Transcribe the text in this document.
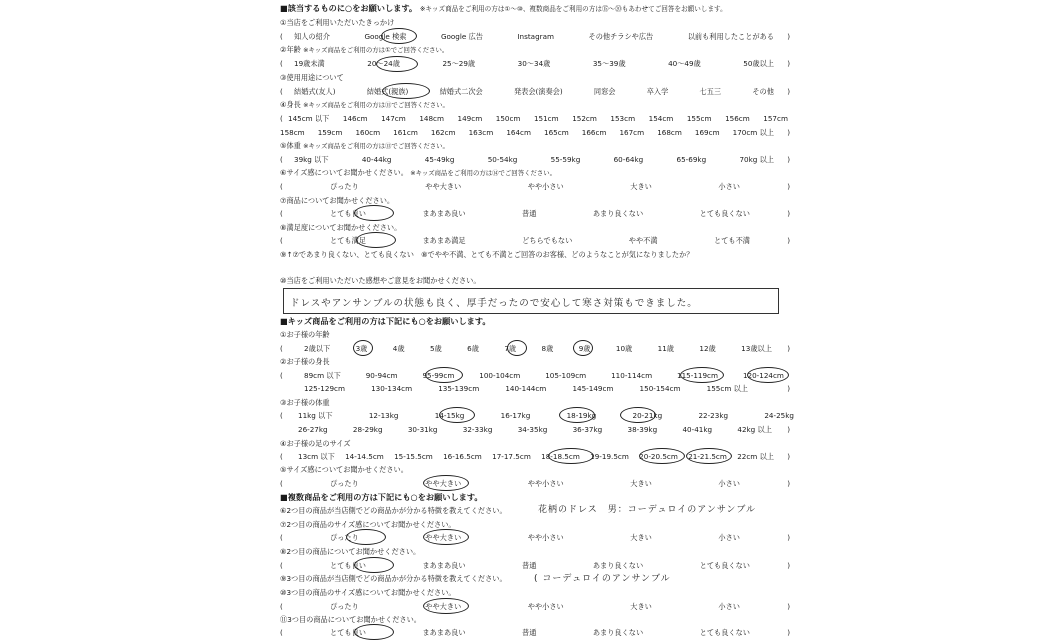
■該当するものに○をお願いします。 ※キッズ商品をご利用の方は①～⑩、複数商品をご利用の方は⑮～⑳もあわせてご回答をお願いします。
①当店をご利用いただいたきっかけ
( 知人の紹介	Google 検索	Google 広告	Instagram	その他チラシや広告	以前も利用したことがある )
②年齢 ※キッズ商品をご利用の方は①でご回答ください。
( 19歳未満	20～24歳	25～29歳	30～34歳	35～39歳	40～49歳	50歳以上 )
③使用用途について
( 結婚式(友人)	結婚式(親族)	結婚式二次会	発表会(演奏会)	同窓会	卒入学	七五三	その他 )
④身長 ※キッズ商品をご利用の方は⑪でご回答ください。
( 145cm 以下 146cm 147cm 148cm 149cm 150cm 151cm 152cm 153cm 154cm 155cm 156cm 157cm
158cm 159cm 160cm 161cm 162cm 163cm 164cm 165cm 166cm 167cm 168cm 169cm 170cm 以上 )
⑤体重 ※キッズ商品をご利用の方は⑬でご回答ください。
( 39kg 以下	40-44kg	45-49kg	50-54kg	55-59kg	60-64kg	65-69kg	70kg 以上 )
⑥サイズ感についてお聞かせください。 ※キッズ商品をご利用の方は⑭でご回答ください。
(	ぴったり	やや大きい	やや小さい	大きい	小さい	)
⑦商品についてお聞かせください。
(	とても良い	まあまあ良い	普通	あまり良くない	とても良くない	)
⑧満足度についてお聞かせください。
(	とても満足	まあまあ満足	どちらでもない	やや不満	とても不満	)
⑨↑⑦であまり良くない、とても良くない　⑧でやや不満、とても不満とご回答のお客様、どのようなことが気になりましたか？
⑩当店をご利用いただいた感想やご意見をお聞かせください。
ドレスやアンサンブルの状態も良く、厚手だったので安心して寒さ対策もできました。
■キッズ商品をご利用の方は下記にも○をお願いします。
①お子様の年齢
(	2歳以下	3歳	4歳	5歳	6歳	7歳	8歳	9歳	10歳	11歳	12歳	13歳以上 )
②お子様の身長
(	89cm 以下	90-94cm	95-99cm	100-104cm	105-109cm	110-114cm	115-119cm	120-124cm
125-129cm	130-134cm	135-139cm	140-144cm	145-149cm	150-154cm	155cm 以上	)
③お子様の体重
( 11kg 以下	12-13kg	14-15kg	16-17kg	18-19kg	20-21kg	22-23kg	24-25kg
26-27kg	28-29kg	30-31kg	32-33kg	34-35kg	36-37kg	38-39kg	40-41kg	42kg 以上 )
④お子様の足のサイズ
( 13cm 以下 14-14.5cm 15-15.5cm 16-16.5cm 17-17.5cm 18-18.5cm 19-19.5cm 20-20.5cm 21-21.5cm 22cm 以上 )
⑤サイズ感についてお聞かせください。
(	ぴったり	やや大きい	やや小さい	大きい	小さい	)
■複数商品をご利用の方は下記にも○をお願いします。
⑥2つ目の商品が当店側でどの商品かが分かる特徴を教えてください。	花柄のドレス　男：コーデュロイのアンサンブル
⑦2つ目の商品のサイズ感についてお聞かせください。
(	ぴったり	やや大きい	やや小さい	大きい	小さい	)
⑧2つ目の商品についてお聞かせください。
(	とても良い	まあまあ良い	普通	あまり良くない	とても良くない	)
⑨3つ目の商品が当店側でどの商品かが分かる特徴を教えてください。	( コーデュロイのアンサンブル
⑩3つ目の商品のサイズ感についてお聞かせください。
(	ぴったり	やや大きい	やや小さい	大きい	小さい	)
⑪3つ目の商品についてお聞かせください。
(	とても良い	まあまあ良い	普通	あまり良くない	とても良くない	)
